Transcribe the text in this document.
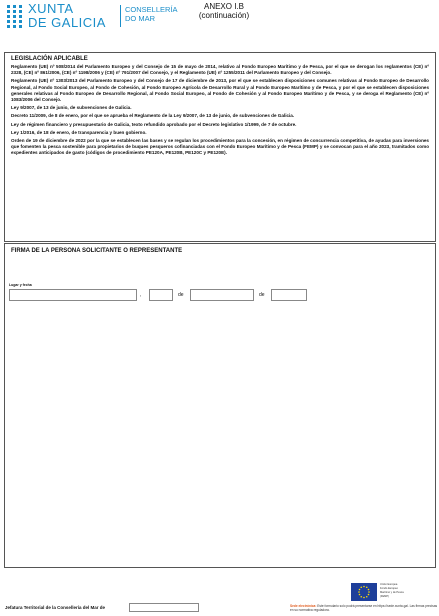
XUNTA
DE GALICIA
CONSELLERÍA
DO MAR
ANEXO I.B
(continuación)
LEGISLACIÓN APLICABLE

Reglamento (UE) nº 508/2014 del Parlamento Europeo y del Consejo de 15 de mayo de 2014, relativo al Fondo Europeo Marítimo y de Pesca, por el que se derogan los reglamentos (CE) nº 2328, (CE) nº 861/2006, (CE) nº 1198/2006 y (CE) nº 791/2007 del Consejo, y el Reglamento (UE) nº 1255/2011 del Parlamento Europeo y del Consejo.

Reglamento (UE) nº 1303/2013 del Parlamento Europeo y del Consejo de 17 de diciembre de 2013, por el que se establecen disposiciones comunes relativas al Fondo Europeo de Desarrollo Regional, al Fondo Social Europeo, al Fondo de Cohesión, al Fondo Europeo Agrícola de Desarrollo Rural y al Fondo Europeo Marítimo y de Pesca, y por el que se establecen disposiciones generales relativas al Fondo Europeo de Desarrollo Regional, al Fondo Social Europeo, al Fondo de Cohesión y al Fondo Europeo Marítimo y de Pesca, y se deroga el Reglamento (CE) nº 1083/2006 del Consejo.

Ley 9/2007, de 13 de junio, de subvenciones de Galicia.

Decreto 11/2009, de 8 de enero, por el que se aprueba el Reglamento de la Ley 9/2007, de 13 de junio, de subvenciones de Galicia.

Ley de régimen financiero y presupuestario de Galicia, texto refundido aprobado por el Decreto legislativo 1/1999, de 7 de octubre.

Ley 1/2016, de 18 de enero, de transparencia y buen gobierno.

Orden de 19 de diciembre de 2022 por la que se establecen las bases y se regulan los procedimientos para la concesión, en régimen de concurrencia competitiva, de ayudas para inversiones que fomenten la pesca sostenible para propietarios de buques pesqueros cofinanciadas con el Fondo Europeo Marítimo y de Pesca (FEMP) y se convocan para el año 2023, tramitados como expedientes anticipados de gasto (códigos de procedimiento PE120A, PE120B, PE120C y PE120E).

FIRMA DE LA PERSONA SOLICITANTE O REPRESENTANTE
Lugar y fecha
,	de	de
Unión Europea
Fondo Europeo
Marítimo y de Pesca
(FEMP)
Jefatura Territorial de la Consellería del Mar de	Sede electrónica: Este formulario solo podrá presentarse en https://sede.xunta.gal. Las firmas precisas en su normativa reguladora.
